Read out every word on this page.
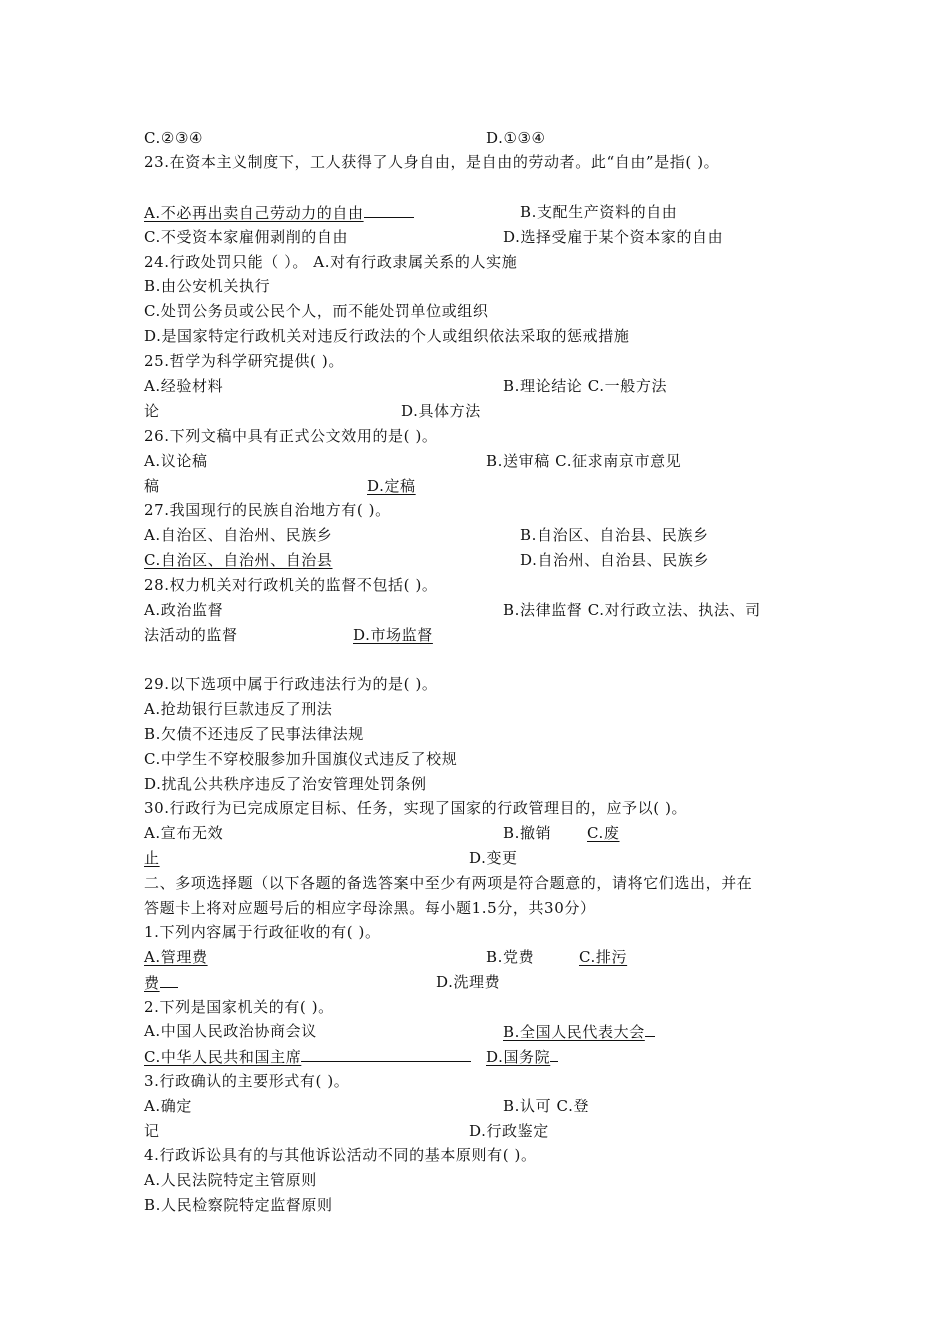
C.②③④	D.①③④
23.在资本主义制度下，工人获得了人身自由，是自由的劳动者。此“自由”是指( )。
A.不必再出卖自己劳动力的自由	B.支配生产资料的自由
C.不受资本家雇佣剥削的自由	D.选择受雇于某个资本家的自由
24.行政处罚只能（ ）。 A.对有行政隶属关系的人实施
B.由公安机关执行
C.处罚公务员或公民个人，而不能处罚单位或组织
D.是国家特定行政机关对违反行政法的个人或组织依法采取的惩戒措施
25.哲学为科学研究提供( )。
A.经验材料	B.理论结论 C.一般方法
论	D.具体方法
26.下列文稿中具有正式公文效用的是( )。
A.议论稿	B.送审稿 C.征求南京市意见
稿	D.定稿
27.我国现行的民族自治地方有( )。
A.自治区、自治州、民族乡	B.自治区、自治县、民族乡
C.自治区、自治州、自治县	D.自治州、自治县、民族乡
28.权力机关对行政机关的监督不包括( )。
A.政治监督	B.法律监督 C.对行政立法、执法、司
法活动的监督	D.市场监督
29.以下选项中属于行政违法行为的是( )。
A.抢劫银行巨款违反了刑法
B.欠债不还违反了民事法律法规
C.中学生不穿校服参加升国旗仪式违反了校规
D.扰乱公共秩序违反了治安管理处罚条例
30.行政行为已完成原定目标、任务，实现了国家的行政管理目的，应予以( )。
A.宣布无效	B.撤销 C.废
止	D.变更
二、多项选择题（以下各题的备选答案中至少有两项是符合题意的，请将它们选出，并在
答题卡上将对应题号后的相应字母涂黑。每小题1.5分，共30分）
1.下列内容属于行政征收的有( )。
A.管理费	B.党费	C.排污
费	D.洗理费
2.下列是国家机关的有( )。
A.中国人民政治协商会议	B.全国人民代表大会
C.中华人民共和国主席	D.国务院
3.行政确认的主要形式有( )。
A.确定	B.认可 C.登
记	D.行政鉴定
4.行政诉讼具有的与其他诉讼活动不同的基本原则有( )。
A.人民法院特定主管原则
B.人民检察院特定监督原则
